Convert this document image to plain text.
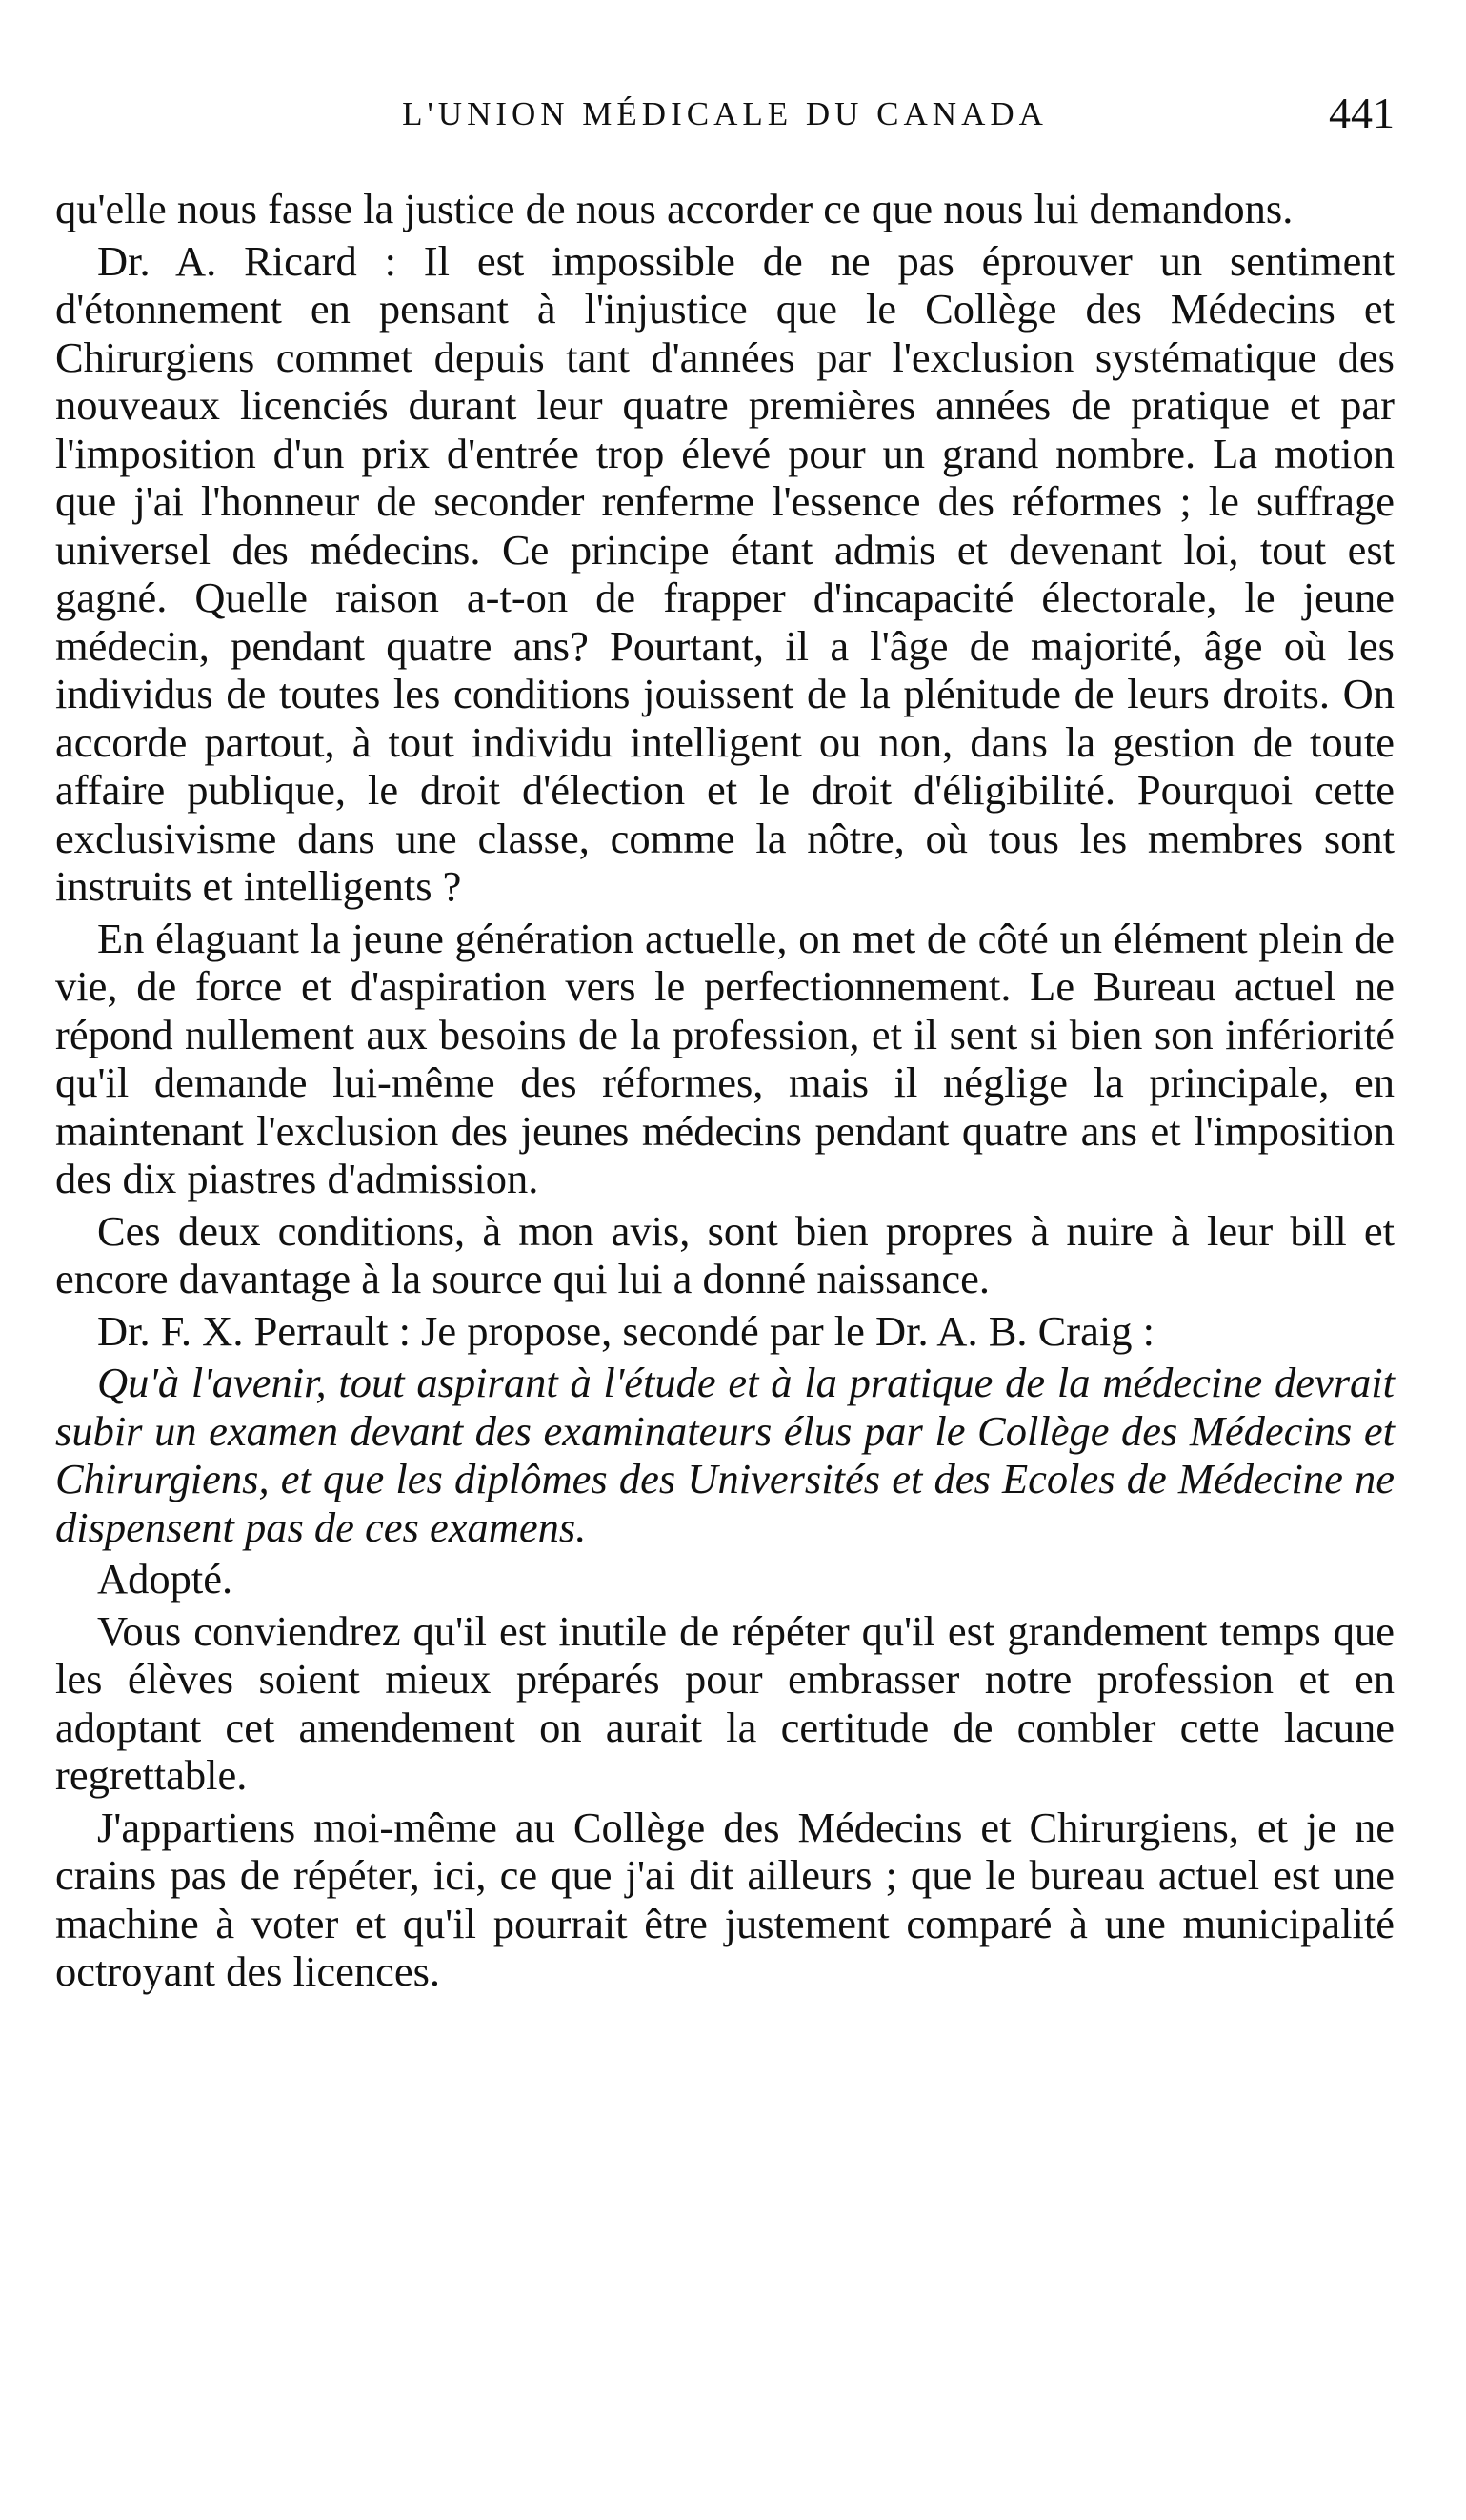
L'UNION MÉDICALE DU CANADA	441

qu'elle nous fasse la justice de nous accorder ce que nous lui demandons.

Dr. A. Ricard : Il est impossible de ne pas éprouver un sentiment d'étonnement en pensant à l'injustice que le Collège des Médecins et Chirurgiens commet depuis tant d'années par l'exclusion systématique des nouveaux licenciés durant leur quatre premières années de pratique et par l'imposition d'un prix d'entrée trop élevé pour un grand nombre. La motion que j'ai l'honneur de seconder renferme l'essence des réformes ; le suffrage universel des médecins. Ce principe étant admis et devenant loi, tout est gagné. Quelle raison a-t-on de frapper d'incapacité électorale, le jeune médecin, pendant quatre ans? Pourtant, il a l'âge de majorité, âge où les individus de toutes les conditions jouissent de la plénitude de leurs droits. On accorde partout, à tout individu intelligent ou non, dans la gestion de toute affaire publique, le droit d'élection et le droit d'éligibilité. Pourquoi cette exclusivisme dans une classe, comme la nôtre, où tous les membres sont instruits et intelligents ?

En élaguant la jeune génération actuelle, on met de côté un élément plein de vie, de force et d'aspiration vers le perfectionnement. Le Bureau actuel ne répond nullement aux besoins de la profession, et il sent si bien son infériorité qu'il demande lui-même des réformes, mais il néglige la principale, en maintenant l'exclusion des jeunes médecins pendant quatre ans et l'imposition des dix piastres d'admission.

Ces deux conditions, à mon avis, sont bien propres à nuire à leur bill et encore davantage à la source qui lui a donné naissance.

Dr. F. X. Perrault : Je propose, secondé par le Dr. A. B. Craig :

Qu'à l'avenir, tout aspirant à l'étude et à la pratique de la médecine devrait subir un examen devant des examinateurs élus par le Collège des Médecins et Chirurgiens, et que les diplômes des Universités et des Ecoles de Médecine ne dispensent pas de ces examens.

Adopté.

Vous conviendrez qu'il est inutile de répéter qu'il est grandement temps que les élèves soient mieux préparés pour embrasser notre profession et en adoptant cet amendement on aurait la certitude de combler cette lacune regrettable.

J'appartiens moi-même au Collège des Médecins et Chirurgiens, et je ne crains pas de répéter, ici, ce que j'ai dit ailleurs ; que le bureau actuel est une machine à voter et qu'il pourrait être justement comparé à une municipalité octroyant des licences.
